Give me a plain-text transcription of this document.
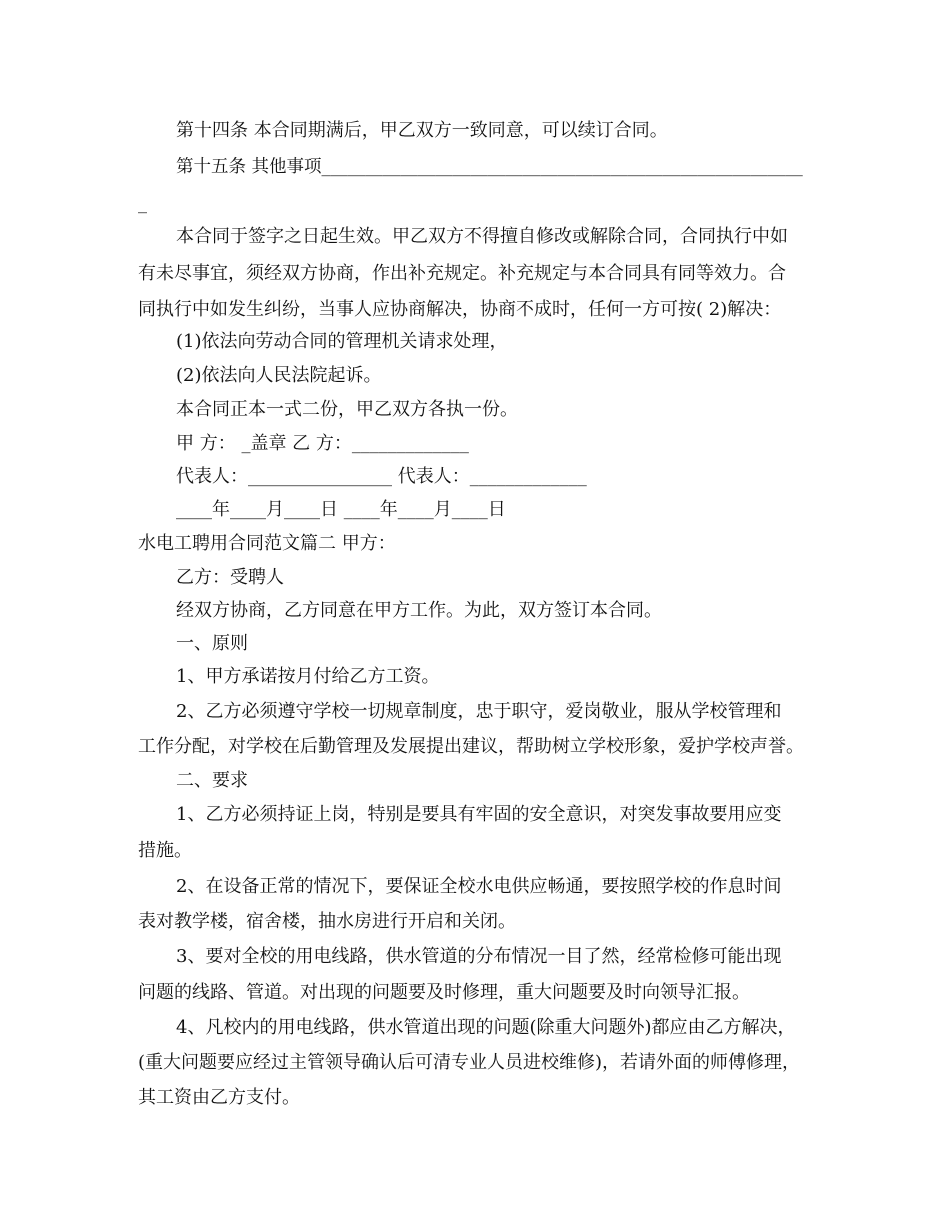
第十四条 本合同期满后，甲乙双方一致同意，可以续订合同。
第十五条 其他事项_______________________________________________________
_
本合同于签字之日起生效。甲乙双方不得擅自修改或解除合同，合同执行中如
有未尽事宜，须经双方协商，作出补充规定。补充规定与本合同具有同等效力。合
同执行中如发生纠纷，当事人应协商解决，协商不成时，任何一方可按( 2)解决：
(1)依法向劳动合同的管理机关请求处理，
(2)依法向人民法院起诉。
本合同正本一式二份，甲乙双方各执一份。
甲 方： _盖章 乙 方：_____________
代表人：________________ 代表人：_____________
____年____月____日 ____年____月____日
水电工聘用合同范文篇二 甲方：
乙方：受聘人
经双方协商，乙方同意在甲方工作。为此，双方签订本合同。
一、原则
1、甲方承诺按月付给乙方工资。
2、乙方必须遵守学校一切规章制度，忠于职守，爱岗敬业，服从学校管理和
工作分配，对学校在后勤管理及发展提出建议，帮助树立学校形象，爱护学校声誉。
二、要求
1、乙方必须持证上岗，特别是要具有牢固的安全意识，对突发事故要用应变
措施。
2、在设备正常的情况下，要保证全校水电供应畅通，要按照学校的作息时间
表对教学楼，宿舍楼，抽水房进行开启和关闭。
3、要对全校的用电线路，供水管道的分布情况一目了然，经常检修可能出现
问题的线路、管道。对出现的问题要及时修理，重大问题要及时向领导汇报。
4、凡校内的用电线路，供水管道出现的问题(除重大问题外)都应由乙方解决，
(重大问题要应经过主管领导确认后可清专业人员进校维修)，若请外面的师傅修理，
其工资由乙方支付。
